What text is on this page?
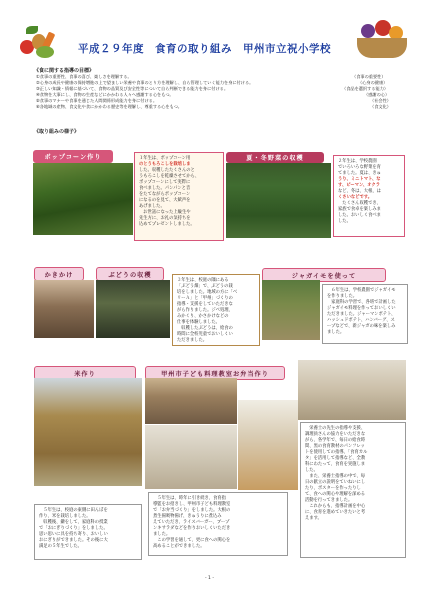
平成２９年度　食育の取り組み　甲州市立祝小学校
《食に関する指導の目標》
①食事の重要性、食事の喜び、楽しさを理解する。	（食事の重要性）
②心身の成長や健康の保持増進の上で望ましい栄養や食事のとり方を理解し、自ら管理していく能力を身に付ける。	（心身の健康）
③正しい知識・情報に基づいて、食物の品質及び安全性等について自ら判断できる能力を身に付ける。	（食品を選択する能力）
④食物を大事にし、食物の生産などにかかわる人々へ感謝する心をもつ。	（感謝の心）
⑤食事のマナーや食事を通じた人間関係形成能力を身に付ける。	（社会性）
⑥各地域の産物、食文化や食にかかわる歴史等を理解し、尊重する心をもつ。	（食文化）
《取り組みの様子》
ポップコーン作り	１年生は、ポップコーン用
のとうもろこしを栽培しま
した。収穫したたくさんのと
うもろこしを乾燥させてから、
ポップコーンにして実際に
食べました。パンパンと音
をたてながらポップコーン
になるのを見て、大歓声を
あげました。
　お世話になった上級生や
先生方に、お礼の気持ちを
込めてプレゼントしました。
夏・冬野菜の収穫	２年生は、学校農園
でいろいろな野菜を育
てました。夏は、きゅ
うり、ミニトマト、な
す、ピーマン、オクラ
など、冬は、大根、は
くさいなどです。
　たくさん収穫でき、
家族で食卓を楽しみま
した。おいしく食べま
した。
かきかけ	ぶどうの収穫
３年生は、校庭の隅にある
「ぶどう畑」で、ぶどうの栽
培をしました。地域の方に「ベ
リーＡ」と「甲州」づくりの
指導・支援をしていただきな
がら作りました。ジベ処理、
みかくり、かさかけなどの
仕事を体験しました。
　収穫したぶどうは、給食の
時間に全校児童でおいしくい
ただきました。
ジャガイモを使って
　６年生は、学校農園でジャガイモ
を作りました。
　家庭科の学習で、各班で計画した
ジャガイモ料理を作っておいしくい
ただきました。ジャーマンポテト、
ハッシュドポテト、ハンバーグ、ス
ープなどで、新ジャガの味を楽しみ
ました。
米作り
　５年生は、校庭の東側に田んぼを
作り、米を栽培しました。
　収穫後、鎌をして、家庭科の授業
で「おにぎりづくり」をしました。
思い思いに具を持ち寄り、おいしい
おにぎりができました。その後に大
満足の５年生でした。
甲州市子ども料理教室お弁当作り
　５年生は、時年に引き続き、食育指
導監をお招きし、甲州市子ども料理教室
で「お弁当づくり」をしました。大根の
煮生揚吸物揚げ、きゅうりに煮込み
えていただき、ライスバーガー、ブープ
ンキサラダなどを作りおいしくいただき
ました。
　この学習を通して、更に食への関心を
高めることができました。
　栄養士の先生の指導や支援、
調理員さんの協力をいただきな
がら、各学年で、毎日の給食時
間、黒の食育教材のパンフレッ
トを使用しての指導、「食育カル
タ」を活用して指導など、全教
科にわたって、食育を実施しま
した。
　また、栄養士指導の中で、毎
日の献立の説明をていねいにし
たり、ポスターを作ったりし
て、食への関心や理解を深める
活動を行ってきました。
　これからも、指導計画を中心
に、食育を進めていきたいと考
えます。
- 1 -
